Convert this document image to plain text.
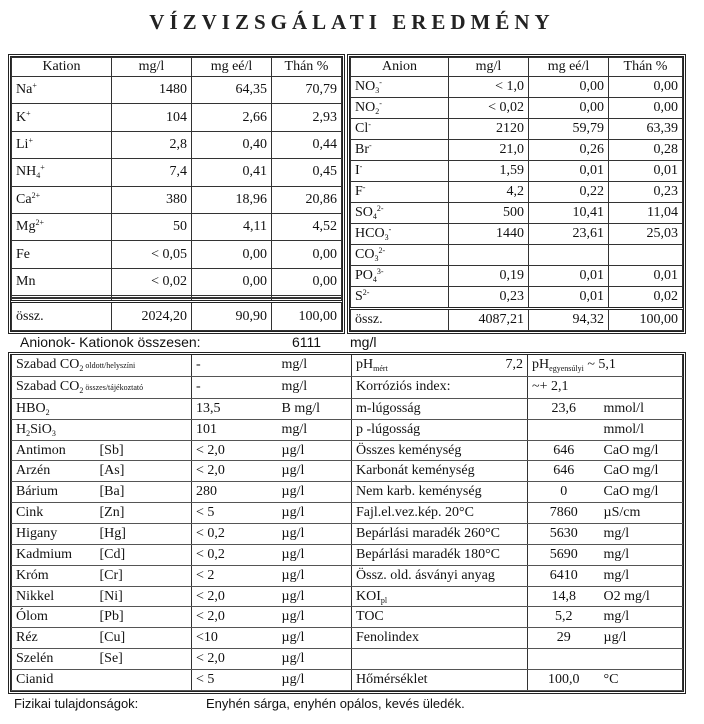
VÍZVIZSGÁLATI EREDMÉNY
Kation	mg/l	mg eé/l	Thán %
Na+	1480	64,35	70,79
K+	104	2,66	2,93
Li+	2,8	0,40	0,44
$NH_4^+$	7,4	0,41	0,45
$Ca^{2+}$	380	18,96	20,86
$Mg^{2+}$	50	4,11	4,52
Fe	< 0,05	0,00	0,00
Mn	< 0,02	0,00	0,00

össz.	2024,20	90,90	100,00
Anion	mg/l	mg eé/l	Thán %
$NO_3^-$	< 1,0	0,00	0,00
$NO_2^-$	< 0,02	0,00	0,00
Cl-	2120	59,79	63,39
Br-	21,0	0,26	0,28
I-	1,59	0,01	0,01
F-	4,2	0,22	0,23
$SO_4^{2-}$	500	10,41	11,04
$HCO_3^-$	1440	23,61	25,03
$CO_3^{2-}$			
$PO_4^{3-}$	0,19	0,01	0,01
$S^{2-}$	0,23	0,01	0,02
össz.	4087,21	94,32	100,00
Anionok- Kationok összesen:	6111 mg/l
Szabad $CO_2$ oldott/helyszíni		-	mg/l	$pH_{mért}$ 7,2	$pH_{egyensúlyi}$ ~ 5,1	
Szabad $CO_2$ összes/tájékoztató		-	mg/l	Korróziós index:	~+ 2,1	
$HBO_2$		13,5	B mg/l	m-lúgosság	23,6	mmol/l
$H_2SiO_3$		101	mg/l	p -lúgosság		mmol/l
Antimon	[Sb]	< 2,0	µg/l	Összes keménység	646	CaO mg/l
Arzén	[As]	< 2,0	µg/l	Karbonát keménység	646	CaO mg/l
Bárium	[Ba]	280	µg/l	Nem karb. keménység	0	CaO mg/l
Cink	[Zn]	< 5	µg/l	Fajl.el.vez.kép. 20°C	7860	µS/cm
Higany	[Hg]	< 0,2	µg/l	Bepárlási maradék 260°C	5630	mg/l
Kadmium	[Cd]	< 0,2	µg/l	Bepárlási maradék 180°C	5690	mg/l
Króm	[Cr]	< 2	µg/l	Össz. old. ásványi anyag	6410	mg/l
Nikkel	[Ni]	< 2,0	µg/l	$KOI_{pl}$	14,8	O2 mg/l
Ólom	[Pb]	< 2,0	µg/l	TOC	5,2	mg/l
Réz	[Cu]	<10	µg/l	Fenolindex	29	µg/l
Szelén	[Se]	< 2,0	µg/l			
Cianid		< 5	µg/l	Hőmérséklet	100,0	°C
Fizikai tulajdonságok:	Enyhén sárga, enyhén opálos, kevés üledék.
